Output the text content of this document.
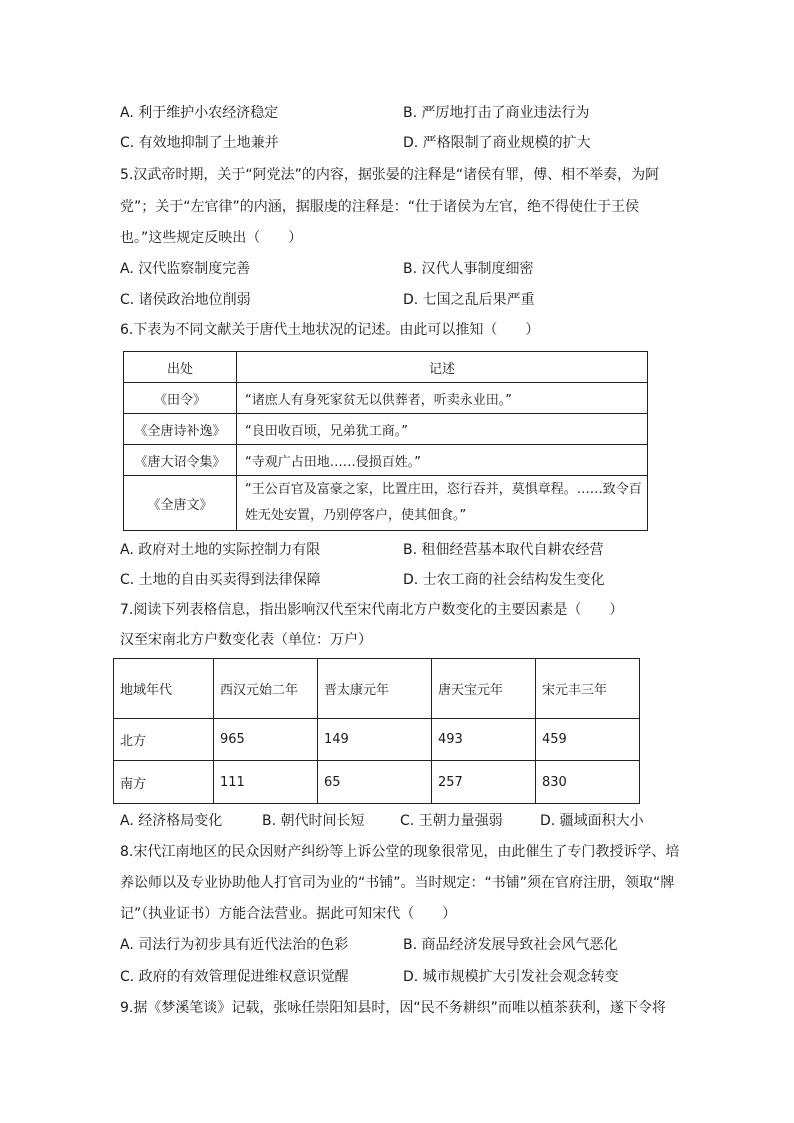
A. 利于维护小农经济稳定	B. 严厉地打击了商业违法行为
C. 有效地抑制了土地兼并	D. 严格限制了商业规模的扩大
5.汉武帝时期，关于“阿党法”的内容，据张晏的注释是“诸侯有罪，傅、相不举奏，为阿
党”；关于“左官律”的内涵，据服虔的注释是：“仕于诸侯为左官，绝不得使仕于王侯
也。”这些规定反映出（　　）
A. 汉代监察制度完善	B. 汉代人事制度细密
C. 诸侯政治地位削弱	D. 七国之乱后果严重
6.下表为不同文献关于唐代土地状况的记述。由此可以推知（　　）
出处	记述
《田令》	“诸庶人有身死家贫无以供葬者，听卖永业田。”
《全唐诗补逸》	“良田收百顷，兄弟犹工商。”
《唐大诏令集》	“寺观广占田地……侵损百姓。”
《全唐文》	“王公百官及富豪之家，比置庄田，恣行吞并，莫惧章程。……致令百
姓无处安置，乃别停客户，使其佃食。”
A. 政府对土地的实际控制力有限	B. 租佃经营基本取代自耕农经营
C. 土地的自由买卖得到法律保障	D. 士农工商的社会结构发生变化
7.阅读下列表格信息，指出影响汉代至宋代南北方户数变化的主要因素是（　　）
汉至宋南北方户数变化表（单位：万户）
地域年代	西汉元始二年	晋太康元年	唐天宝元年	宋元丰三年
北方	965	149	493	459
南方	111	65	257	830
A. 经济格局变化	B. 朝代时间长短	C. 王朝力量强弱	D. 疆域面积大小
8.宋代江南地区的民众因财产纠纷等上诉公堂的现象很常见，由此催生了专门教授诉学、培
养讼师以及专业协助他人打官司为业的“书铺”。当时规定：“书铺”须在官府注册，领取“牌
记”（执业证书）方能合法营业。据此可知宋代（　　）
A. 司法行为初步具有近代法治的色彩	B. 商品经济发展导致社会风气恶化
C. 政府的有效管理促进维权意识觉醒	D. 城市规模扩大引发社会观念转变
9.据《梦溪笔谈》记载，张咏任崇阳知县时，因“民不务耕织”而唯以植茶获利，遂下令将
